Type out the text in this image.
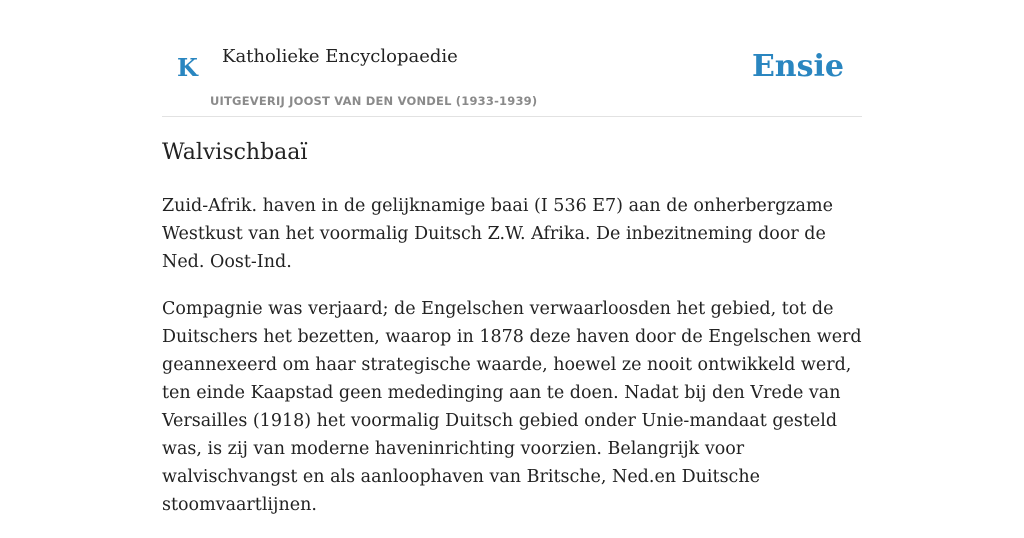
K Katholieke Encyclopaedie
UITGEVERIJ JOOST VAN DEN VONDEL (1933-1939)
Ensie
Walvischbaaï

Zuid-Afrik. haven in de gelijknamige baai (I 536 E7) aan de onherbergzame Westkust van het voormalig Duitsch Z.W. Afrika. De inbezitneming door de Ned. Oost-Ind.

Compagnie was verjaard; de Engelschen verwaarloosden het gebied, tot de Duitschers het bezetten, waarop in 1878 deze haven door de Engelschen werd geannexeerd om haar strategische waarde, hoewel ze nooit ontwikkeld werd, ten einde Kaapstad geen mededinging aan te doen. Nadat bij den Vrede van Versailles (1918) het voormalig Duitsch gebied onder Unie-mandaat gesteld was, is zij van moderne haveninrichting voorzien. Belangrijk voor walvischvangst en als aanloophaven van Britsche, Ned.en Duitsche stoomvaartlijnen.
